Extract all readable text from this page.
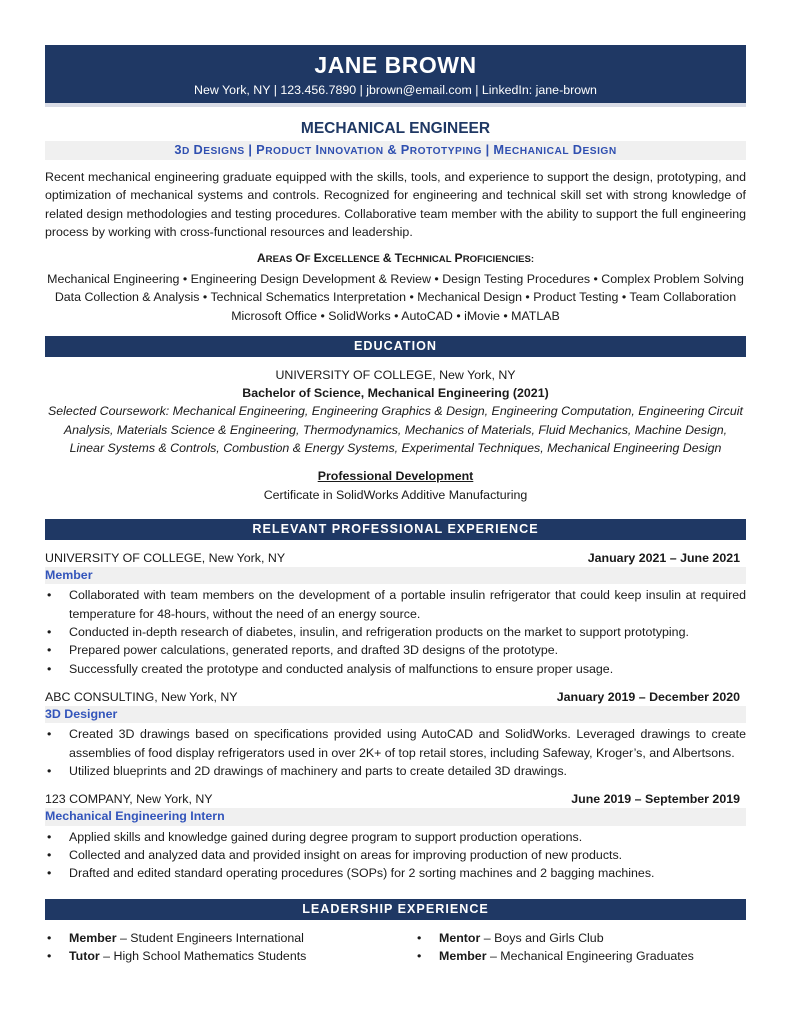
JANE BROWN
New York, NY | 123.456.7890 | jbrown@email.com | LinkedIn: jane-brown
MECHANICAL ENGINEER
3D DESIGNS | PRODUCT INNOVATION & PROTOTYPING | MECHANICAL DESIGN
Recent mechanical engineering graduate equipped with the skills, tools, and experience to support the design, prototyping, and optimization of mechanical systems and controls. Recognized for engineering and technical skill set with strong knowledge of related design methodologies and testing procedures. Collaborative team member with the ability to support the full engineering process by working with cross-functional resources and leadership.
AREAS OF EXCELLENCE & TECHNICAL PROFICIENCIES:
Mechanical Engineering • Engineering Design Development & Review • Design Testing Procedures • Complex Problem Solving
Data Collection & Analysis • Technical Schematics Interpretation • Mechanical Design • Product Testing • Team Collaboration
Microsoft Office • SolidWorks • AutoCAD • iMovie • MATLAB
EDUCATION
UNIVERSITY OF COLLEGE, New York, NY
Bachelor of Science, Mechanical Engineering (2021)
Selected Coursework: Mechanical Engineering, Engineering Graphics & Design, Engineering Computation, Engineering Circuit Analysis, Materials Science & Engineering, Thermodynamics, Mechanics of Materials, Fluid Mechanics, Machine Design, Linear Systems & Controls, Combustion & Energy Systems, Experimental Techniques, Mechanical Engineering Design
Professional Development
Certificate in SolidWorks Additive Manufacturing
RELEVANT PROFESSIONAL EXPERIENCE
UNIVERSITY OF COLLEGE, New York, NY	January 2021 – June 2021
Member
• Collaborated with team members on the development of a portable insulin refrigerator that could keep insulin at required temperature for 48-hours, without the need of an energy source.
• Conducted in-depth research of diabetes, insulin, and refrigeration products on the market to support prototyping.
• Prepared power calculations, generated reports, and drafted 3D designs of the prototype.
• Successfully created the prototype and conducted analysis of malfunctions to ensure proper usage.
ABC CONSULTING, New York, NY	January 2019 – December 2020
3D Designer
• Created 3D drawings based on specifications provided using AutoCAD and SolidWorks. Leveraged drawings to create assemblies of food display refrigerators used in over 2K+ of top retail stores, including Safeway, Kroger’s, and Albertsons.
• Utilized blueprints and 2D drawings of machinery and parts to create detailed 3D drawings.
123 COMPANY, New York, NY	June 2019 – September 2019
Mechanical Engineering Intern
• Applied skills and knowledge gained during degree program to support production operations.
• Collected and analyzed data and provided insight on areas for improving production of new products.
• Drafted and edited standard operating procedures (SOPs) for 2 sorting machines and 2 bagging machines.
LEADERSHIP EXPERIENCE
• Member – Student Engineers International	• Mentor – Boys and Girls Club
• Tutor – High School Mathematics Students	• Member – Mechanical Engineering Graduates
